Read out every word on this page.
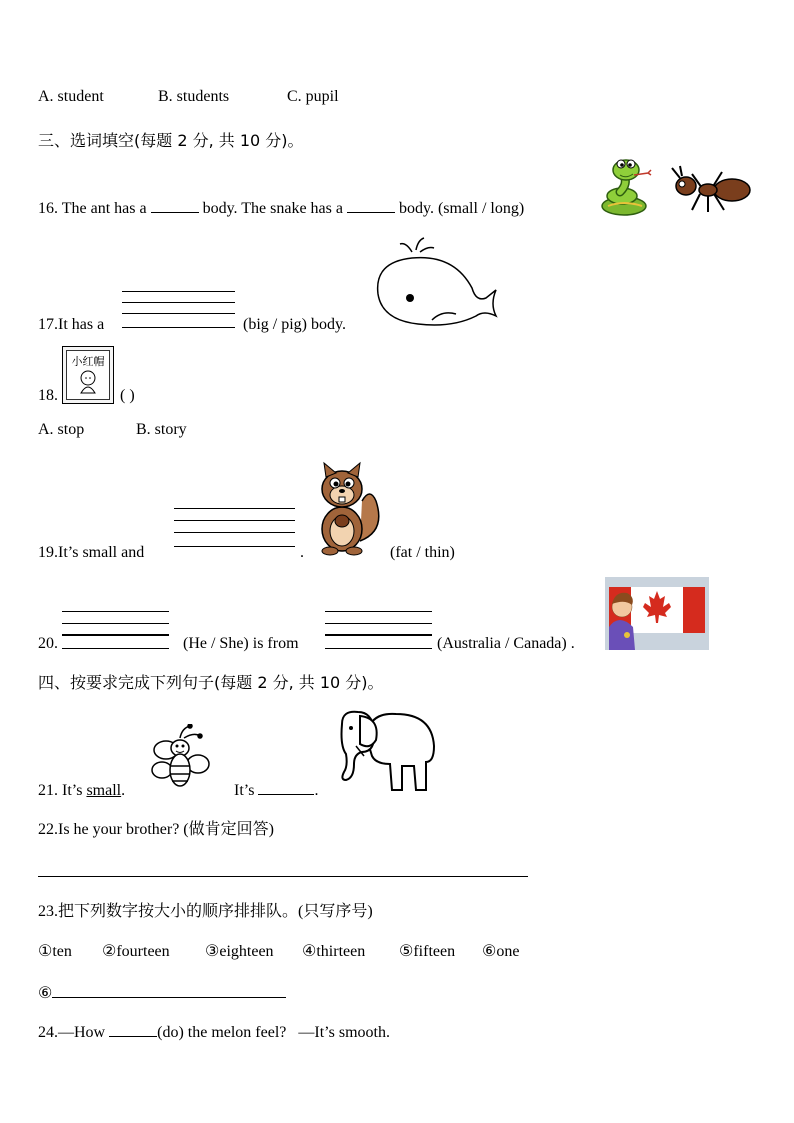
A. student	B. students	C. pupil
三、选词填空(每题 2 分, 共 10 分)。
16. The ant has a	body. The snake has a	body. (small / long)
17.It has a	(big / pig) body.
18.
小红帽
( )
A. stop	B. story
19.It’s small and	.	(fat / thin)
20.	(He / She) is from	(Australia / Canada) .
四、按要求完成下列句子(每题 2 分, 共 10 分)。
21. It’s small.	It’s	.
22.Is he your brother? (做肯定回答)
23.把下列数字按大小的顺序排排队。(只写序号)
①ten ②fourteen ③eighteen ④thirteen ⑤fifteen ⑥one
⑥
24.—How	(do) the melon feel? —It’s smooth.
